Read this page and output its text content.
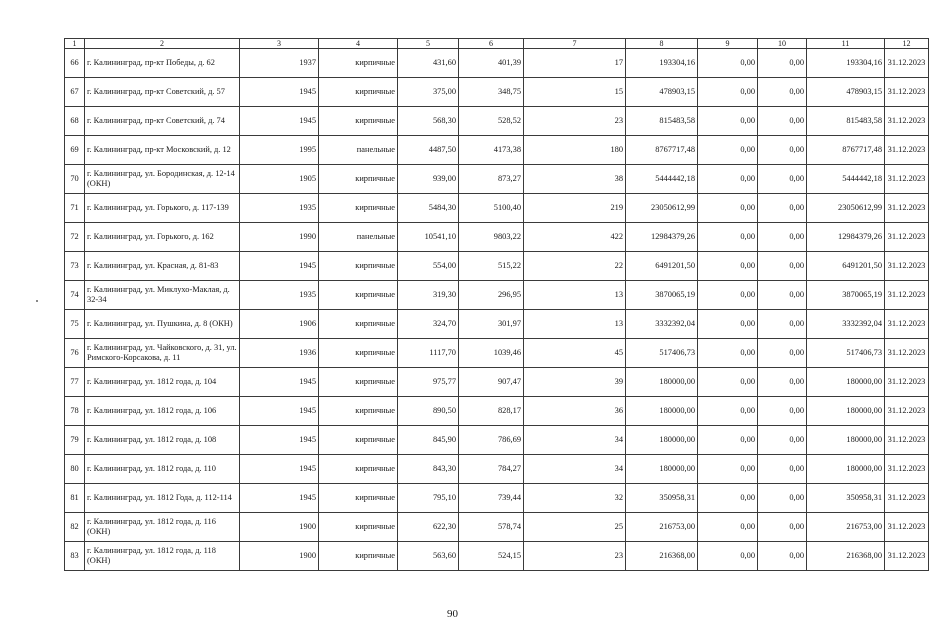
1	2	3	4	5	6	7	8	9	10	11	12
66	г. Калининград, пр-кт Победы, д. 62	1937	кирпичные	431,60	401,39	17	193304,16	0,00	0,00	193304,16	31.12.2023
67	г. Калининград, пр-кт Советский, д. 57	1945	кирпичные	375,00	348,75	15	478903,15	0,00	0,00	478903,15	31.12.2023
68	г. Калининград, пр-кт Советский, д. 74	1945	кирпичные	568,30	528,52	23	815483,58	0,00	0,00	815483,58	31.12.2023
69	г. Калининград, пр-кт Московский, д. 12	1995	панельные	4487,50	4173,38	180	8767717,48	0,00	0,00	8767717,48	31.12.2023
70	г. Калининград, ул. Бородинская, д. 12-14 (ОКН)	1905	кирпичные	939,00	873,27	38	5444442,18	0,00	0,00	5444442,18	31.12.2023
71	г. Калининград, ул. Горького, д. 117-139	1935	кирпичные	5484,30	5100,40	219	23050612,99	0,00	0,00	23050612,99	31.12.2023
72	г. Калининград, ул. Горького, д. 162	1990	панельные	10541,10	9803,22	422	12984379,26	0,00	0,00	12984379,26	31.12.2023
73	г. Калининград, ул. Красная, д. 81-83	1945	кирпичные	554,00	515,22	22	6491201,50	0,00	0,00	6491201,50	31.12.2023
74	г. Калининград, ул. Миклухо-Маклая, д. 32-34	1935	кирпичные	319,30	296,95	13	3870065,19	0,00	0,00	3870065,19	31.12.2023
75	г. Калининград, ул. Пушкина, д. 8 (ОКН)	1906	кирпичные	324,70	301,97	13	3332392,04	0,00	0,00	3332392,04	31.12.2023
76	г. Калининград, ул. Чайковского, д. 31, ул. Римского-Корсакова, д. 11	1936	кирпичные	1117,70	1039,46	45	517406,73	0,00	0,00	517406,73	31.12.2023
77	г. Калининград, ул. 1812 года, д. 104	1945	кирпичные	975,77	907,47	39	180000,00	0,00	0,00	180000,00	31.12.2023
78	г. Калининград, ул. 1812 года, д. 106	1945	кирпичные	890,50	828,17	36	180000,00	0,00	0,00	180000,00	31.12.2023
79	г. Калининград, ул. 1812 года, д. 108	1945	кирпичные	845,90	786,69	34	180000,00	0,00	0,00	180000,00	31.12.2023
80	г. Калининград, ул. 1812 года, д. 110	1945	кирпичные	843,30	784,27	34	180000,00	0,00	0,00	180000,00	31.12.2023
81	г. Калининград, ул. 1812 Года, д. 112-114	1945	кирпичные	795,10	739,44	32	350958,31	0,00	0,00	350958,31	31.12.2023
82	г. Калининград, ул. 1812 года, д. 116 (ОКН)	1900	кирпичные	622,30	578,74	25	216753,00	0,00	0,00	216753,00	31.12.2023
83	г. Калининград, ул. 1812 года, д. 118 (ОКН)	1900	кирпичные	563,60	524,15	23	216368,00	0,00	0,00	216368,00	31.12.2023
90
